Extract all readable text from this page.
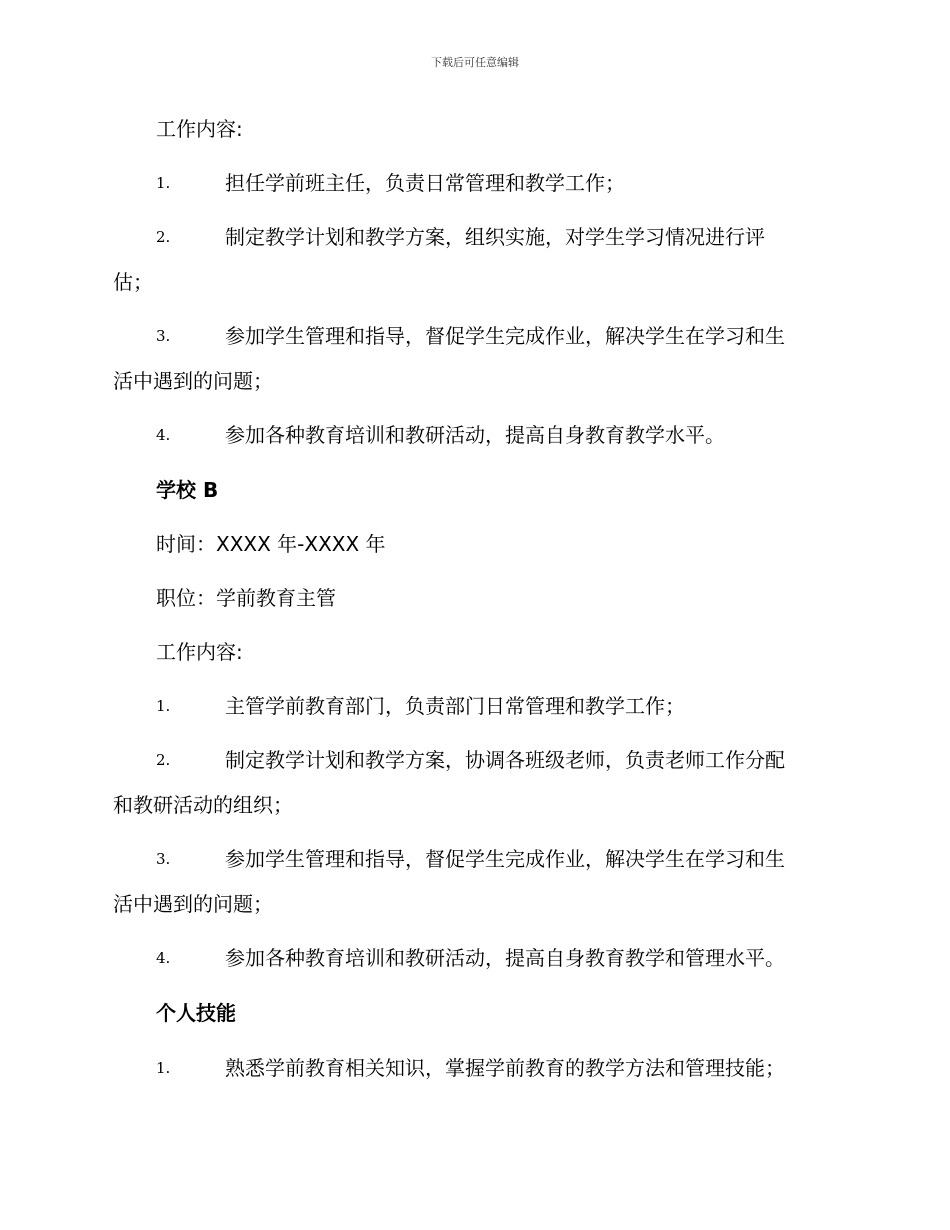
下载后可任意编辑
工作内容:
1.	担任学前班主任，负责日常管理和教学工作；
2.	制定教学计划和教学方案，组织实施，对学生学习情况进行评
估；
3.	参加学生管理和指导，督促学生完成作业，解决学生在学习和生
活中遇到的问题；
4.	参加各种教育培训和教研活动，提高自身教育教学水平。
学校 B
时间：XXXX 年-XXXX 年
职位：学前教育主管
工作内容:
1.	主管学前教育部门，负责部门日常管理和教学工作；
2.	制定教学计划和教学方案，协调各班级老师，负责老师工作分配
和教研活动的组织；
3.	参加学生管理和指导，督促学生完成作业，解决学生在学习和生
活中遇到的问题；
4.	参加各种教育培训和教研活动，提高自身教育教学和管理水平。
个人技能
1.	熟悉学前教育相关知识，掌握学前教育的教学方法和管理技能；
